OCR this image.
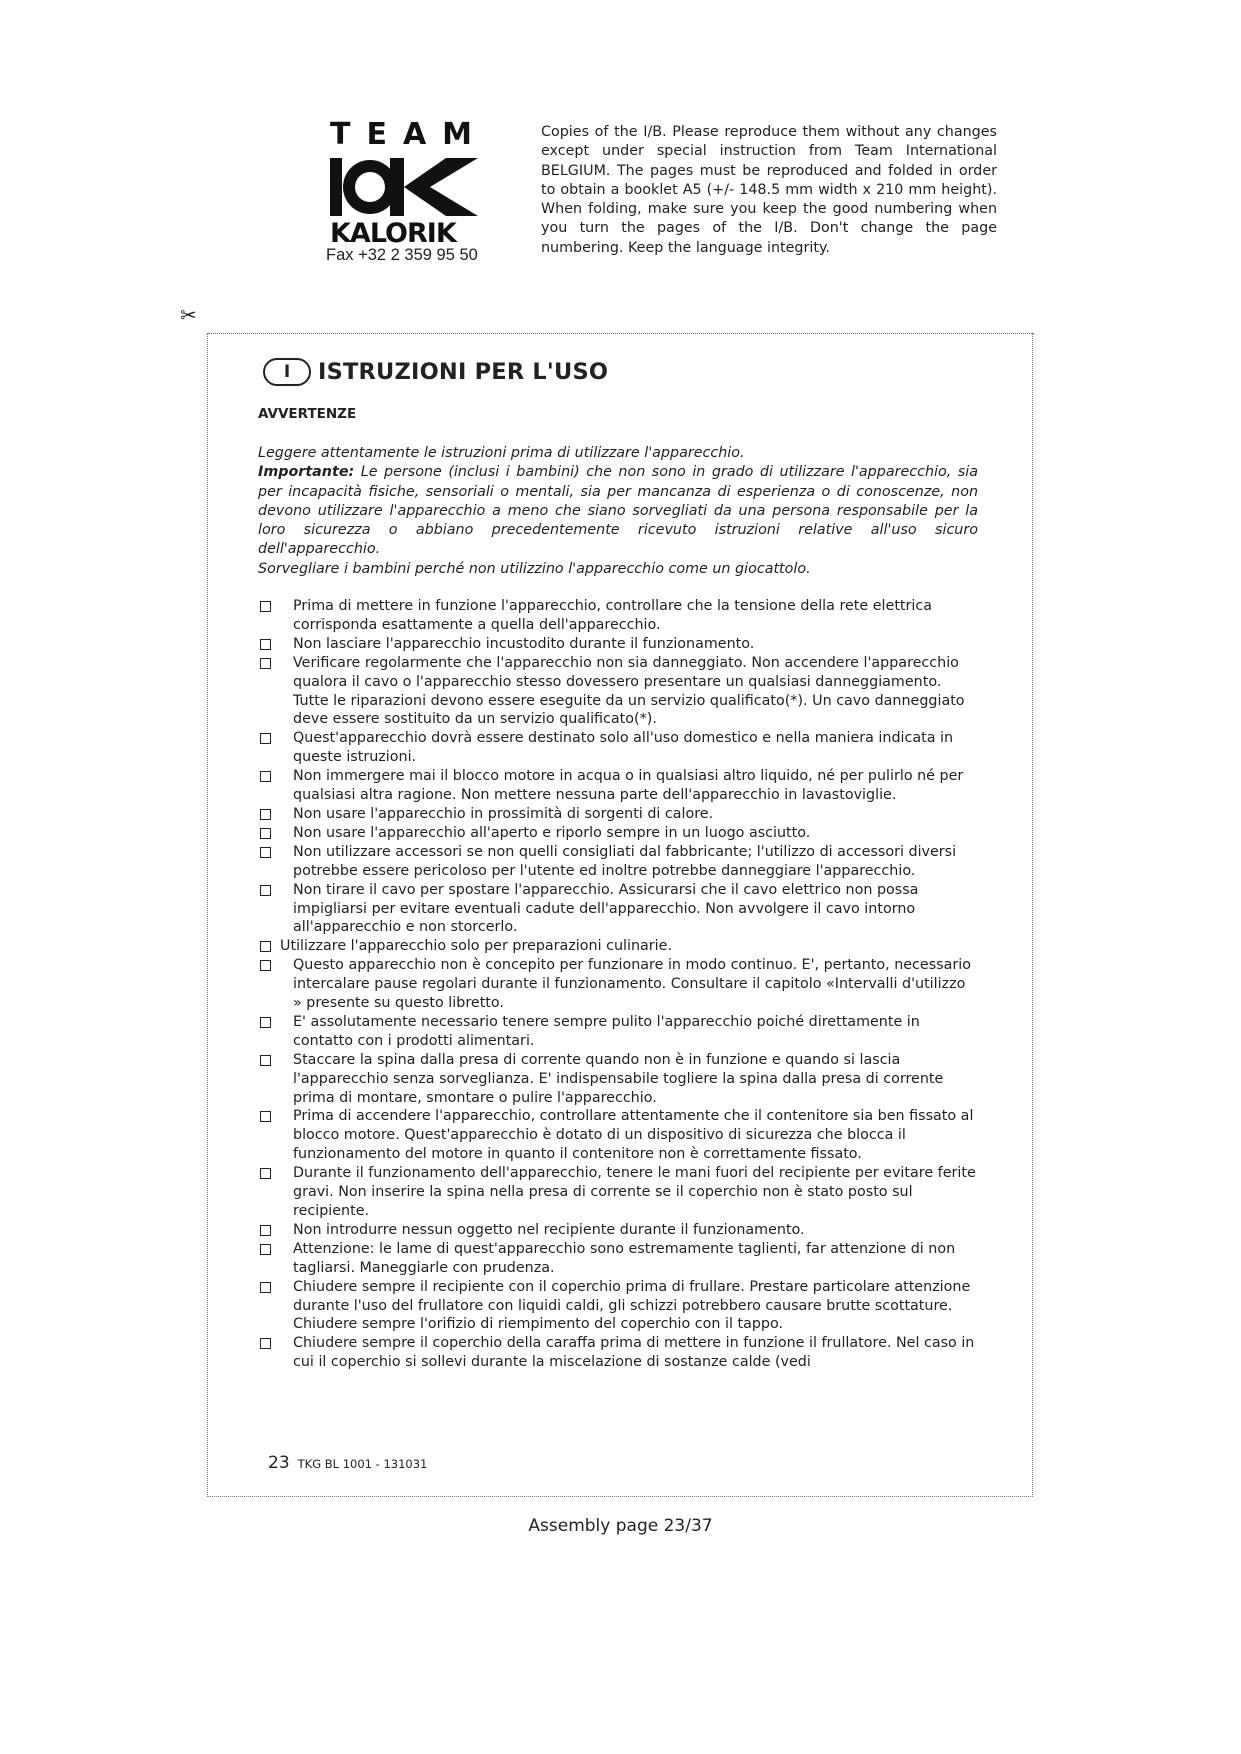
TEAM
KALORIK
Fax +32 2 359 95 50
Copies of the I/B. Please reproduce them without any changes except under special instruction from Team International BELGIUM. The pages must be reproduced and folded in order to obtain a booklet A5 (+/- 148.5 mm width x 210 mm height). When folding, make sure you keep the good numbering when you turn the pages of the I/B. Don't change the page numbering. Keep the language integrity.
✂
I	ISTRUZIONI PER L'USO
AVVERTENZE

Leggere attentamente le istruzioni prima di utilizzare l'apparecchio.

Importante: Le persone (inclusi i bambini) che non sono in grado di utilizzare l'apparecchio, sia per incapacità fisiche, sensoriali o mentali, sia per mancanza di esperienza o di conoscenze, non devono utilizzare l'apparecchio a meno che siano sorvegliati da una persona responsabile per la loro sicurezza o abbiano precedentemente ricevuto istruzioni relative all'uso sicuro dell'apparecchio.

Sorvegliare i bambini perché non utilizzino l'apparecchio come un giocattolo.

Prima di mettere in funzione l'apparecchio, controllare che la tensione della rete elettrica corrisponda esattamente a quella dell'apparecchio.
Non lasciare l'apparecchio incustodito durante il funzionamento.
Verificare regolarmente che l'apparecchio non sia danneggiato. Non accendere l'apparecchio qualora il cavo o l'apparecchio stesso dovessero presentare un qualsiasi danneggiamento. Tutte le riparazioni devono essere eseguite da un servizio qualificato(*). Un cavo danneggiato deve essere sostituito da un servizio qualificato(*).
Quest'apparecchio dovrà essere destinato solo all'uso domestico e nella maniera indicata in queste istruzioni.
Non immergere mai il blocco motore in acqua o in qualsiasi altro liquido, né per pulirlo né per qualsiasi altra ragione. Non mettere nessuna parte dell'apparecchio in lavastoviglie.
Non usare l'apparecchio in prossimità di sorgenti di calore.
Non usare l'apparecchio all'aperto e riporlo sempre in un luogo asciutto.
Non utilizzare accessori se non quelli consigliati dal fabbricante; l'utilizzo di accessori diversi potrebbe essere pericoloso per l'utente ed inoltre potrebbe danneggiare l'apparecchio.
Non tirare il cavo per spostare l'apparecchio. Assicurarsi che il cavo elettrico non possa impigliarsi per evitare eventuali cadute dell'apparecchio. Non avvolgere il cavo intorno all'apparecchio e non storcerlo.
Utilizzare l'apparecchio solo per preparazioni culinarie.
Questo apparecchio non è concepito per funzionare in modo continuo. E', pertanto, necessario intercalare pause regolari durante il funzionamento. Consultare il capitolo «Intervalli d'utilizzo » presente su questo libretto.
E' assolutamente necessario tenere sempre pulito l'apparecchio poiché direttamente in contatto con i prodotti alimentari.
Staccare la spina dalla presa di corrente quando non è in funzione e quando si lascia l'apparecchio senza sorveglianza. E' indispensabile togliere la spina dalla presa di corrente prima di montare, smontare o pulire l'apparecchio.
Prima di accendere l'apparecchio, controllare attentamente che il contenitore sia ben fissato al blocco motore. Quest'apparecchio è dotato di un dispositivo di sicurezza che blocca il funzionamento del motore in quanto il contenitore non è correttamente fissato.
Durante il funzionamento dell'apparecchio, tenere le mani fuori del recipiente per evitare ferite gravi. Non inserire la spina nella presa di corrente se il coperchio non è stato posto sul recipiente.
Non introdurre nessun oggetto nel recipiente durante il funzionamento.
Attenzione: le lame di quest'apparecchio sono estremamente taglienti, far attenzione di non tagliarsi. Maneggiarle con prudenza.
Chiudere sempre il recipiente con il coperchio prima di frullare. Prestare particolare attenzione durante l'uso del frullatore con liquidi caldi, gli schizzi potrebbero causare brutte scottature. Chiudere sempre l'orifizio di riempimento del coperchio con il tappo.
Chiudere sempre il coperchio della caraffa prima di mettere in funzione il frullatore. Nel caso in cui il coperchio si sollevi durante la miscelazione di sostanze calde (vedi
23 TKG BL 1001 - 131031
Assembly page 23/37
